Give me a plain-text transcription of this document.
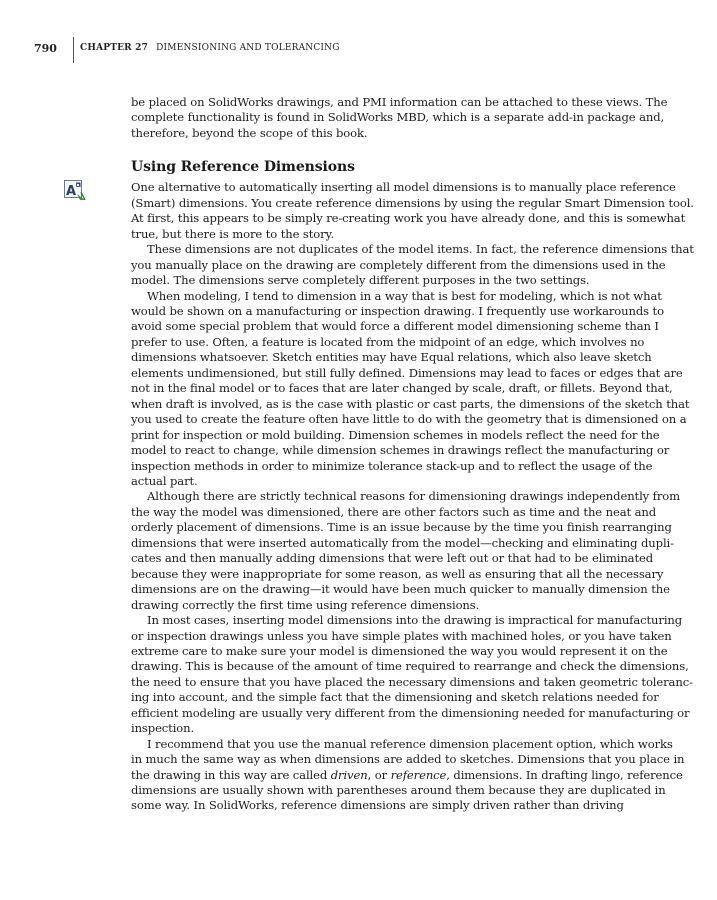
790	CHAPTER 27 DIMENSIONING AND TOLERANCING
A
be placed on SolidWorks drawings, and PMI information can be attached to these views. The
complete functionality is found in SolidWorks MBD, which is a separate add-in package and,
therefore, beyond the scope of this book.
Using Reference Dimensions
One alternative to automatically inserting all model dimensions is to manually place reference
(Smart) dimensions. You create reference dimensions by using the regular Smart Dimension tool.
At first, this appears to be simply re-creating work you have already done, and this is somewhat
true, but there is more to the story.
These dimensions are not duplicates of the model items. In fact, the reference dimensions that
you manually place on the drawing are completely different from the dimensions used in the
model. The dimensions serve completely different purposes in the two settings.
When modeling, I tend to dimension in a way that is best for modeling, which is not what
would be shown on a manufacturing or inspection drawing. I frequently use workarounds to
avoid some special problem that would force a different model dimensioning scheme than I
prefer to use. Often, a feature is located from the midpoint of an edge, which involves no
dimensions whatsoever. Sketch entities may have Equal relations, which also leave sketch
elements undimensioned, but still fully defined. Dimensions may lead to faces or edges that are
not in the final model or to faces that are later changed by scale, draft, or fillets. Beyond that,
when draft is involved, as is the case with plastic or cast parts, the dimensions of the sketch that
you used to create the feature often have little to do with the geometry that is dimensioned on a
print for inspection or mold building. Dimension schemes in models reflect the need for the
model to react to change, while dimension schemes in drawings reflect the manufacturing or
inspection methods in order to minimize tolerance stack-up and to reflect the usage of the
actual part.
Although there are strictly technical reasons for dimensioning drawings independently from
the way the model was dimensioned, there are other factors such as time and the neat and
orderly placement of dimensions. Time is an issue because by the time you finish rearranging
dimensions that were inserted automatically from the model—checking and eliminating dupli-
cates and then manually adding dimensions that were left out or that had to be eliminated
because they were inappropriate for some reason, as well as ensuring that all the necessary
dimensions are on the drawing—it would have been much quicker to manually dimension the
drawing correctly the first time using reference dimensions.
In most cases, inserting model dimensions into the drawing is impractical for manufacturing
or inspection drawings unless you have simple plates with machined holes, or you have taken
extreme care to make sure your model is dimensioned the way you would represent it on the
drawing. This is because of the amount of time required to rearrange and check the dimensions,
the need to ensure that you have placed the necessary dimensions and taken geometric toleranc-
ing into account, and the simple fact that the dimensioning and sketch relations needed for
efficient modeling are usually very different from the dimensioning needed for manufacturing or
inspection.
I recommend that you use the manual reference dimension placement option, which works
in much the same way as when dimensions are added to sketches. Dimensions that you place in
the drawing in this way are called driven, or reference, dimensions. In drafting lingo, reference
dimensions are usually shown with parentheses around them because they are duplicated in
some way. In SolidWorks, reference dimensions are simply driven rather than driving
